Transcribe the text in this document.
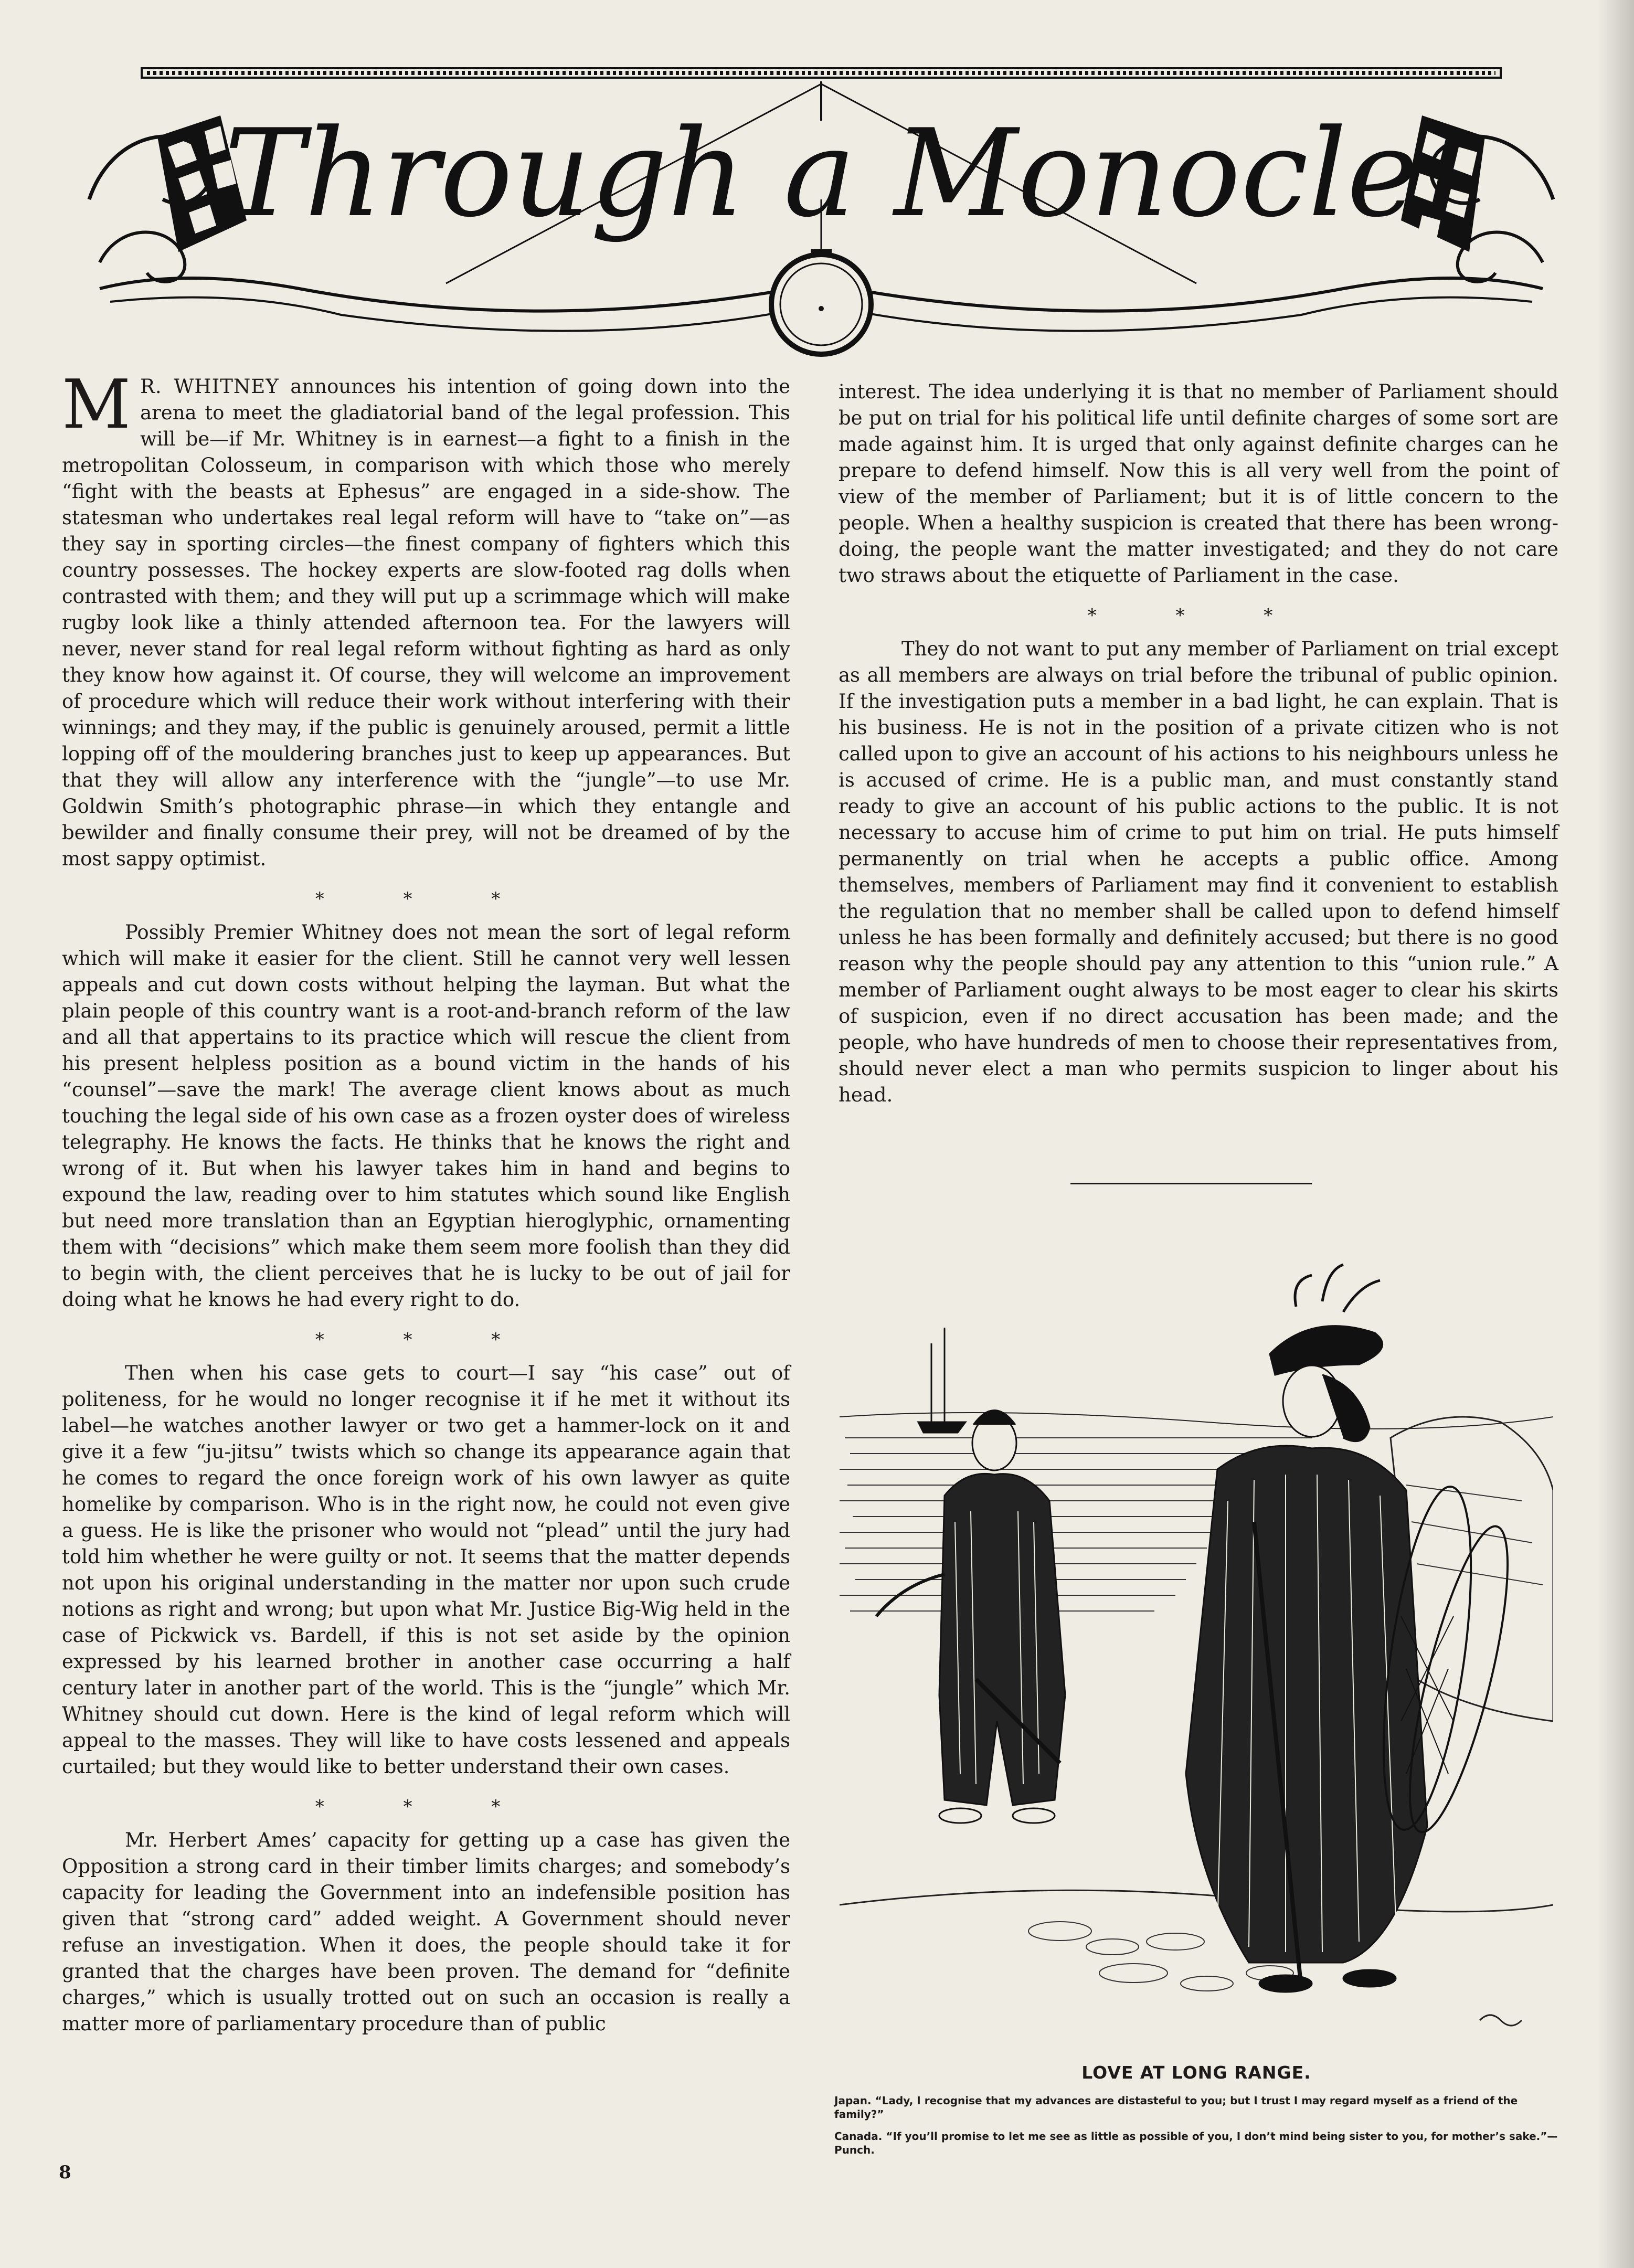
Through a Monocle

M R. WHITNEY announces his intention of going down into the arena to meet the gladiatorial band of the legal profession. This will be—if Mr. Whitney is in earnest—a fight to a finish in the metropolitan Colosseum, in comparison with which those who merely “fight with the beasts at Ephesus” are engaged in a side-show. The statesman who undertakes real legal reform will have to “take on”—as they say in sporting circles—the finest company of fighters which this country possesses. The hockey experts are slow-footed rag dolls when contrasted with them; and they will put up a scrimmage which will make rugby look like a thinly attended afternoon tea. For the lawyers will never, never stand for real legal reform without fighting as hard as only they know how against it. Of course, they will welcome an improvement of procedure which will reduce their work without interfering with their winnings; and they may, if the public is genuinely aroused, permit a little lopping off of the mouldering branches just to keep up appearances. But that they will allow any interference with the “jungle”—to use Mr. Goldwin Smith’s photographic phrase—in which they entangle and bewilder and finally consume their prey, will not be dreamed of by the most sappy optimist.

* * *

Possibly Premier Whitney does not mean the sort of legal reform which will make it easier for the client. Still he cannot very well lessen appeals and cut down costs without helping the layman. But what the plain people of this country want is a root-and-branch reform of the law and all that appertains to its practice which will rescue the client from his present helpless position as a bound victim in the hands of his “counsel”—save the mark! The average client knows about as much touching the legal side of his own case as a frozen oyster does of wireless telegraphy. He knows the facts. He thinks that he knows the right and wrong of it. But when his lawyer takes him in hand and begins to expound the law, reading over to him statutes which sound like English but need more translation than an Egyptian hieroglyphic, ornamenting them with “decisions” which make them seem more foolish than they did to begin with, the client perceives that he is lucky to be out of jail for doing what he knows he had every right to do.

* * *

Then when his case gets to court—I say “his case” out of politeness, for he would no longer recognise it if he met it without its label—he watches another lawyer or two get a hammer-lock on it and give it a few “ju-jitsu” twists which so change its appearance again that he comes to regard the once foreign work of his own lawyer as quite homelike by comparison. Who is in the right now, he could not even give a guess. He is like the prisoner who would not “plead” until the jury had told him whether he were guilty or not. It seems that the matter depends not upon his original understanding in the matter nor upon such crude notions as right and wrong; but upon what Mr. Justice Big-Wig held in the case of Pickwick vs. Bardell, if this is not set aside by the opinion expressed by his learned brother in another case occurring a half century later in another part of the world. This is the “jungle” which Mr. Whitney should cut down. Here is the kind of legal reform which will appeal to the masses. They will like to have costs lessened and appeals curtailed; but they would like to better understand their own cases.

* * *

Mr. Herbert Ames’ capacity for getting up a case has given the Opposition a strong card in their timber limits charges; and somebody’s capacity for leading the Government into an indefensible position has given that “strong card” added weight. A Government should never refuse an investigation. When it does, the people should take it for granted that the charges have been proven. The demand for “definite charges,” which is usually trotted out on such an occasion is really a matter more of parliamentary procedure than of public

interest. The idea underlying it is that no member of Parliament should be put on trial for his political life until definite charges of some sort are made against him. It is urged that only against definite charges can he prepare to defend himself. Now this is all very well from the point of view of the member of Parliament; but it is of little concern to the people. When a healthy suspicion is created that there has been wrong-doing, the people want the matter investigated; and they do not care two straws about the etiquette of Parliament in the case.

* * *

They do not want to put any member of Parliament on trial except as all members are always on trial before the tribunal of public opinion. If the investigation puts a member in a bad light, he can explain. That is his business. He is not in the position of a private citizen who is not called upon to give an account of his actions to his neighbours unless he is accused of crime. He is a public man, and must constantly stand ready to give an account of his public actions to the public. It is not necessary to accuse him of crime to put him on trial. He puts himself permanently on trial when he accepts a public office. Among themselves, members of Parliament may find it convenient to establish the regulation that no member shall be called upon to defend himself unless he has been formally and definitely accused; but there is no good reason why the people should pay any attention to this “union rule.” A member of Parliament ought always to be most eager to clear his skirts of suspicion, even if no direct accusation has been made; and the people, who have hundreds of men to choose their representatives from, should never elect a man who permits suspicion to linger about his head.

LOVE AT LONG RANGE.
Japan. “Lady, I recognise that my advances are distasteful to you; but I trust I may regard myself as a friend of the family?”
Canada. “If you’ll promise to let me see as little as possible of you, I don’t mind being sister to you, for mother’s sake.”—Punch.
8
